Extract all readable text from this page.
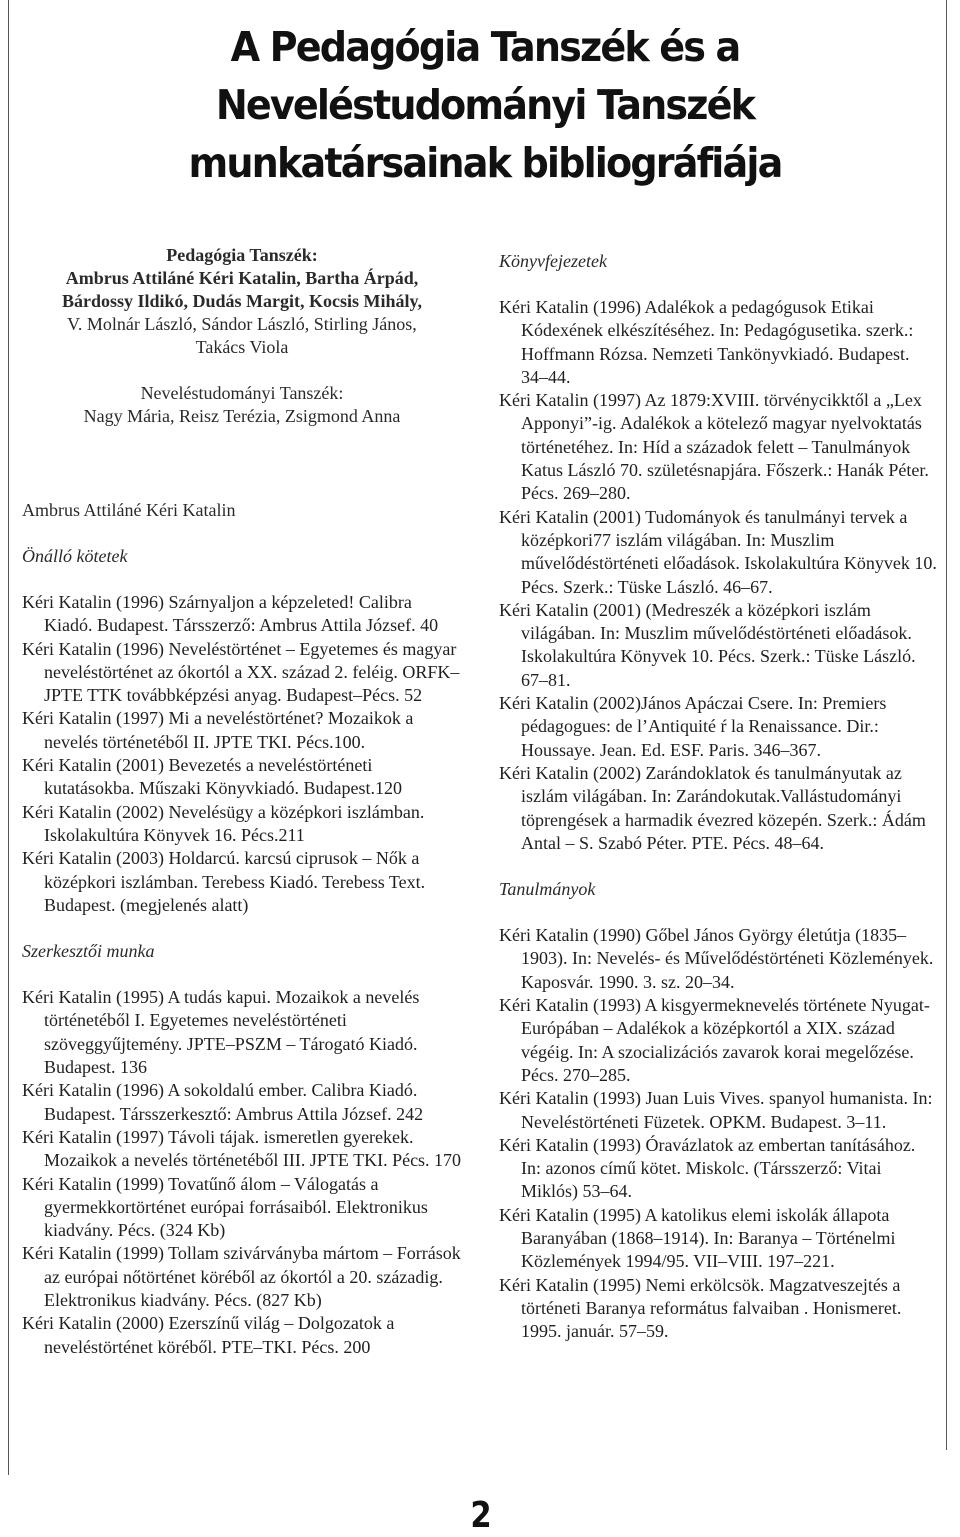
A Pedagógia Tanszék és a
Neveléstudományi Tanszék
munkatársainak bibliográfiája
Pedagógia Tanszék:
Ambrus Attiláné Kéri Katalin, Bartha Árpád,
Bárdossy Ildikó, Dudás Margit, Kocsis Mihály,
V. Molnár László, Sándor László, Stirling János,
Takács Viola
Neveléstudományi Tanszék:
Nagy Mária, Reisz Terézia, Zsigmond Anna
Ambrus Attiláné Kéri Katalin
Önálló kötetek
Kéri Katalin (1996) Szárnyaljon a képzeleted! Calibra Kiadó. Budapest. Társszerző: Ambrus Attila József. 40
Kéri Katalin (1996) Neveléstörténet – Egyetemes és magyar neveléstörténet az ókortól a XX. század 2. feléig. ORFK–JPTE TTK továbbképzési anyag. Budapest–Pécs. 52
Kéri Katalin (1997) Mi a neveléstörténet? Mozaikok a nevelés történetéből II. JPTE TKI. Pécs.100.
Kéri Katalin (2001) Bevezetés a neveléstörténeti kutatásokba. Műszaki Könyvkiadó. Budapest.120
Kéri Katalin (2002) Nevelésügy a középkori iszlámban. Iskolakultúra Könyvek 16. Pécs.211
Kéri Katalin (2003) Holdarcú. karcsú ciprusok – Nők a középkori iszlámban. Terebess Kiadó. Terebess Text. Budapest. (megjelenés alatt)
Szerkesztői munka
Kéri Katalin (1995) A tudás kapui. Mozaikok a nevelés történetéből I. Egyetemes neveléstörténeti szöveggyűjtemény. JPTE–PSZM – Tárogató Kiadó. Budapest. 136
Kéri Katalin (1996) A sokoldalú ember. Calibra Kiadó. Budapest. Társszerkesztő: Ambrus Attila József. 242
Kéri Katalin (1997) Távoli tájak. ismeretlen gyerekek. Mozaikok a nevelés történetéből III. JPTE TKI. Pécs. 170
Kéri Katalin (1999) Tovatűnő álom – Válogatás a gyermekkortörténet európai forrásaiból. Elektronikus kiadvány. Pécs. (324 Kb)
Kéri Katalin (1999) Tollam szivárványba mártom – Források az európai nőtörténet köréből az ókortól a 20. századig. Elektronikus kiadvány. Pécs. (827 Kb)
Kéri Katalin (2000) Ezerszínű világ – Dolgozatok a neveléstörténet köréből. PTE–TKI. Pécs. 200
Könyvfejezetek
Kéri Katalin (1996) Adalékok a pedagógusok Etikai Kódexének elkészítéséhez. In: Pedagógusetika. szerk.: Hoffmann Rózsa. Nemzeti Tankönyvkiadó. Budapest. 34–44.
Kéri Katalin (1997) Az 1879:XVIII. törvénycikktől a „Lex Apponyi”-ig. Adalékok a kötelező magyar nyelvoktatás történetéhez. In: Híd a századok felett – Tanulmányok Katus László 70. születésnapjára. Főszerk.: Hanák Péter. Pécs. 269–280.
Kéri Katalin (2001) Tudományok és tanulmányi tervek a középkori77 iszlám világában. In: Muszlim művelődéstörténeti előadások. Iskolakultúra Könyvek 10. Pécs. Szerk.: Tüske László. 46–67.
Kéri Katalin (2001) (Medreszék a középkori iszlám világában. In: Muszlim művelődéstörténeti előadások. Iskolakultúra Könyvek 10. Pécs. Szerk.: Tüske László. 67–81.
Kéri Katalin (2002)János Apáczai Csere. In: Premiers pédagogues: de l’Antiquité ŕ la Renaissance. Dir.: Houssaye. Jean. Ed. ESF. Paris. 346–367.
Kéri Katalin (2002) Zarándoklatok és tanulmányutak az iszlám világában. In: Zarándokutak.Vallástudományi töprengések a harmadik évezred közepén. Szerk.: Ádám Antal – S. Szabó Péter. PTE. Pécs. 48–64.
Tanulmányok
Kéri Katalin (1990) Gőbel János György életútja (1835–1903). In: Nevelés- és Művelődéstörténeti Közlemények. Kaposvár. 1990. 3. sz. 20–34.
Kéri Katalin (1993) A kisgyermeknevelés története Nyugat-Európában – Adalékok a középkortól a XIX. század végéig. In: A szocializációs zavarok korai megelőzése. Pécs. 270–285.
Kéri Katalin (1993) Juan Luis Vives. spanyol humanista. In: Neveléstörténeti Füzetek. OPKM. Budapest. 3–11.
Kéri Katalin (1993) Óravázlatok az embertan tanításához. In: azonos című kötet. Miskolc. (Társszerző: Vitai Miklós) 53–64.
Kéri Katalin (1995) A katolikus elemi iskolák állapota Baranyában (1868–1914). In: Baranya – Történelmi Közlemények 1994/95. VII–VIII. 197–221.
Kéri Katalin (1995) Nemi erkölcsök. Magzatveszejtés a történeti Baranya református falvaiban . Honismeret. 1995. január. 57–59.
2
